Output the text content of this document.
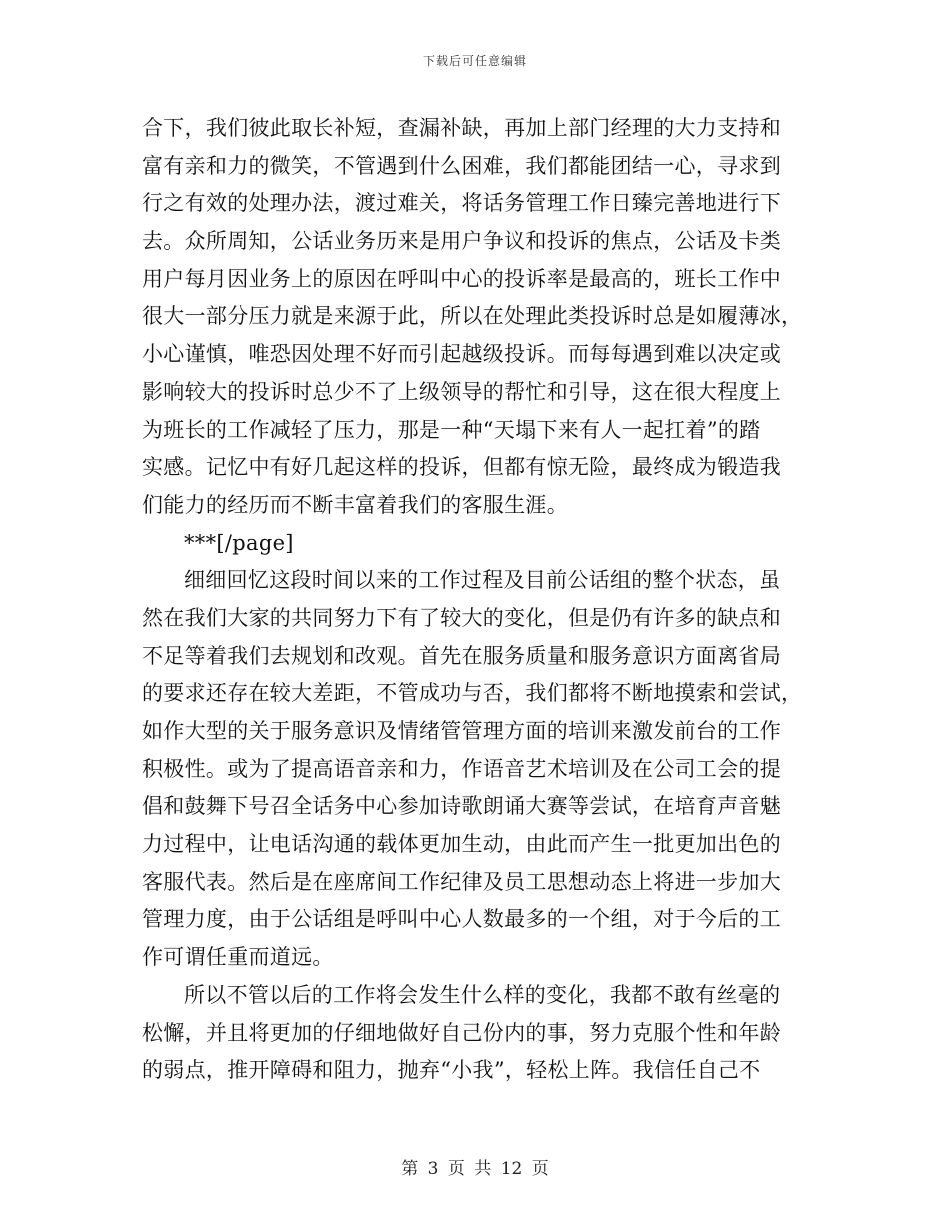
下载后可任意编辑
合下，我们彼此取长补短，查漏补缺，再加上部门经理的大力支持和
富有亲和力的微笑，不管遇到什么困难，我们都能团结一心，寻求到
行之有效的处理办法，渡过难关，将话务管理工作日臻完善地进行下
去。众所周知，公话业务历来是用户争议和投诉的焦点，公话及卡类
用户每月因业务上的原因在呼叫中心的投诉率是最高的，班长工作中
很大一部分压力就是来源于此，所以在处理此类投诉时总是如履薄冰，
小心谨慎，唯恐因处理不好而引起越级投诉。而每每遇到难以决定或
影响较大的投诉时总少不了上级领导的帮忙和引导，这在很大程度上
为班长的工作减轻了压力，那是一种“天塌下来有人一起扛着”的踏
实感。记忆中有好几起这样的投诉，但都有惊无险，最终成为锻造我
们能力的经历而不断丰富着我们的客服生涯。
***[/page]
细细回忆这段时间以来的工作过程及目前公话组的整个状态，虽
然在我们大家的共同努力下有了较大的变化，但是仍有许多的缺点和
不足等着我们去规划和改观。首先在服务质量和服务意识方面离省局
的要求还存在较大差距，不管成功与否，我们都将不断地摸索和尝试，
如作大型的关于服务意识及情绪管管理方面的培训来激发前台的工作
积极性。或为了提高语音亲和力，作语音艺术培训及在公司工会的提
倡和鼓舞下号召全话务中心参加诗歌朗诵大赛等尝试，在培育声音魅
力过程中，让电话沟通的载体更加生动，由此而产生一批更加出色的
客服代表。然后是在座席间工作纪律及员工思想动态上将进一步加大
管理力度，由于公话组是呼叫中心人数最多的一个组，对于今后的工
作可谓任重而道远。
所以不管以后的工作将会发生什么样的变化，我都不敢有丝毫的
松懈，并且将更加的仔细地做好自己份内的事，努力克服个性和年龄
的弱点，推开障碍和阻力，抛弃“小我”，轻松上阵。我信任自己不
第 3 页 共 12 页
